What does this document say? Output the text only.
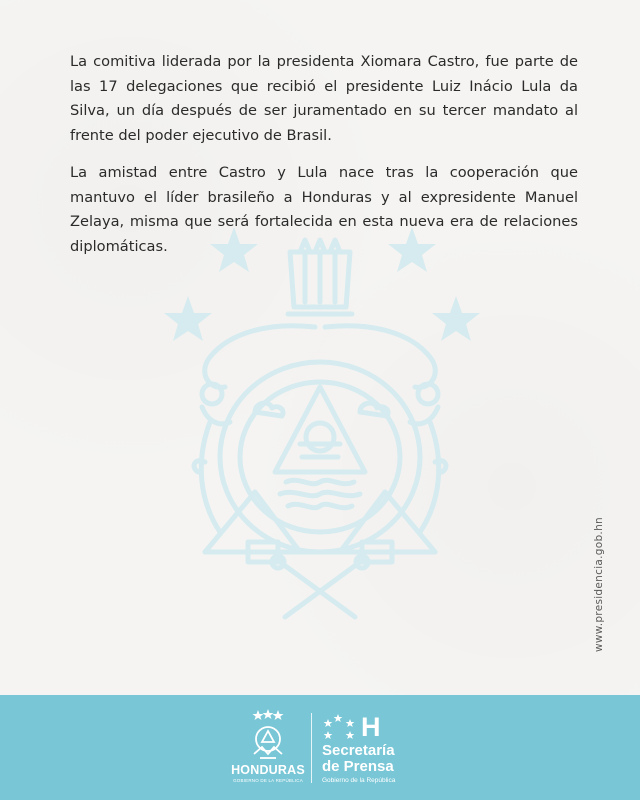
La comitiva liderada por la presidenta Xiomara Castro, fue parte de las 17 delegaciones que recibió el presidente Luiz Inácio Lula da Silva, un día después de ser juramentado en su tercer mandato al frente del poder ejecutivo de Brasil.

La amistad entre Castro y Lula nace tras la cooperación que mantuvo el líder brasileño a Honduras y al expresidente Manuel Zelaya, misma que será fortalecida en esta nueva era de relaciones diplomáticas.

www.presidencia.gob.hn
HONDURAS
GOBIERNO DE LA REPÚBLICA
H
Secretaría
de Prensa
Gobierno de la República
